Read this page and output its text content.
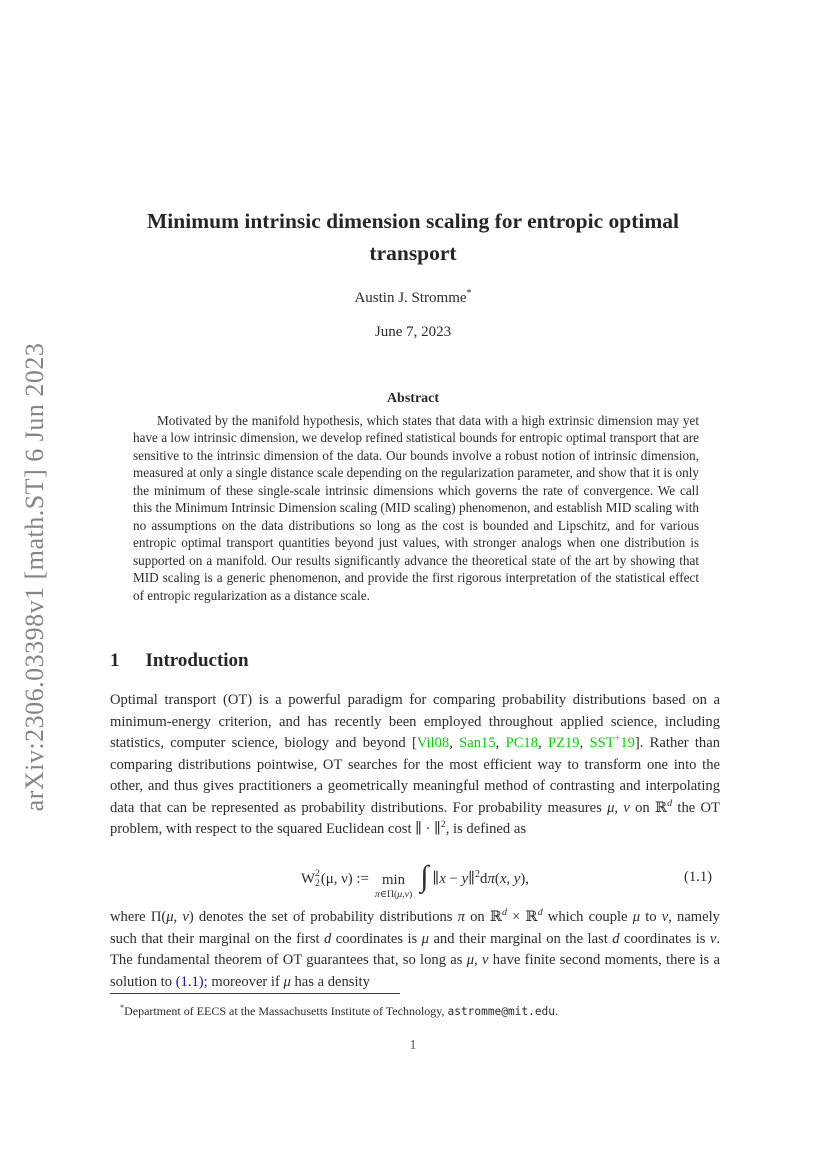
arXiv:2306.03398v1 [math.ST] 6 Jun 2023
Minimum intrinsic dimension scaling for entropic optimal transport
Austin J. Stromme*
June 7, 2023
Abstract
Motivated by the manifold hypothesis, which states that data with a high extrinsic dimension may yet have a low intrinsic dimension, we develop refined statistical bounds for entropic optimal transport that are sensitive to the intrinsic dimension of the data. Our bounds involve a robust notion of intrinsic dimension, measured at only a single distance scale depending on the regularization parameter, and show that it is only the minimum of these single-scale intrinsic dimensions which governs the rate of convergence. We call this the Minimum Intrinsic Dimension scaling (MID scaling) phenomenon, and establish MID scaling with no assumptions on the data distributions so long as the cost is bounded and Lipschitz, and for various entropic optimal transport quantities beyond just values, with stronger analogs when one distribution is supported on a manifold. Our results significantly advance the theoretical state of the art by showing that MID scaling is a generic phenomenon, and provide the first rigorous interpretation of the statistical effect of entropic regularization as a distance scale.
1 Introduction

Optimal transport (OT) is a powerful paradigm for comparing probability distributions based on a minimum-energy criterion, and has recently been employed throughout applied science, including statistics, computer science, biology and beyond [Vil08, San15, PC18, PZ19, SST+19]. Rather than comparing distributions pointwise, OT searches for the most efficient way to transform one into the other, and thus gives practitioners a geometrically meaningful method of contrasting and interpolating data that can be represented as probability distributions. For probability measures μ, ν on ℝ$^d$ the OT problem, with respect to the squared Euclidean cost ∥ · ∥$^2$, is defined as

W 2
2 (μ, ν) := min
π∈Π(μ,ν)
∫ ∥x − y∥$^2$dπ(x, y),	(1.1)

where Π(μ, ν) denotes the set of probability distributions π on ℝ$^d$ × ℝ$^d$ which couple μ to ν, namely such that their marginal on the first d coordinates is μ and their marginal on the last d coordinates is ν. The fundamental theorem of OT guarantees that, so long as μ, ν have finite second moments, there is a solution to (1.1); moreover if μ has a density

*Department of EECS at the Massachusetts Institute of Technology, astromme@mit.edu.
1
